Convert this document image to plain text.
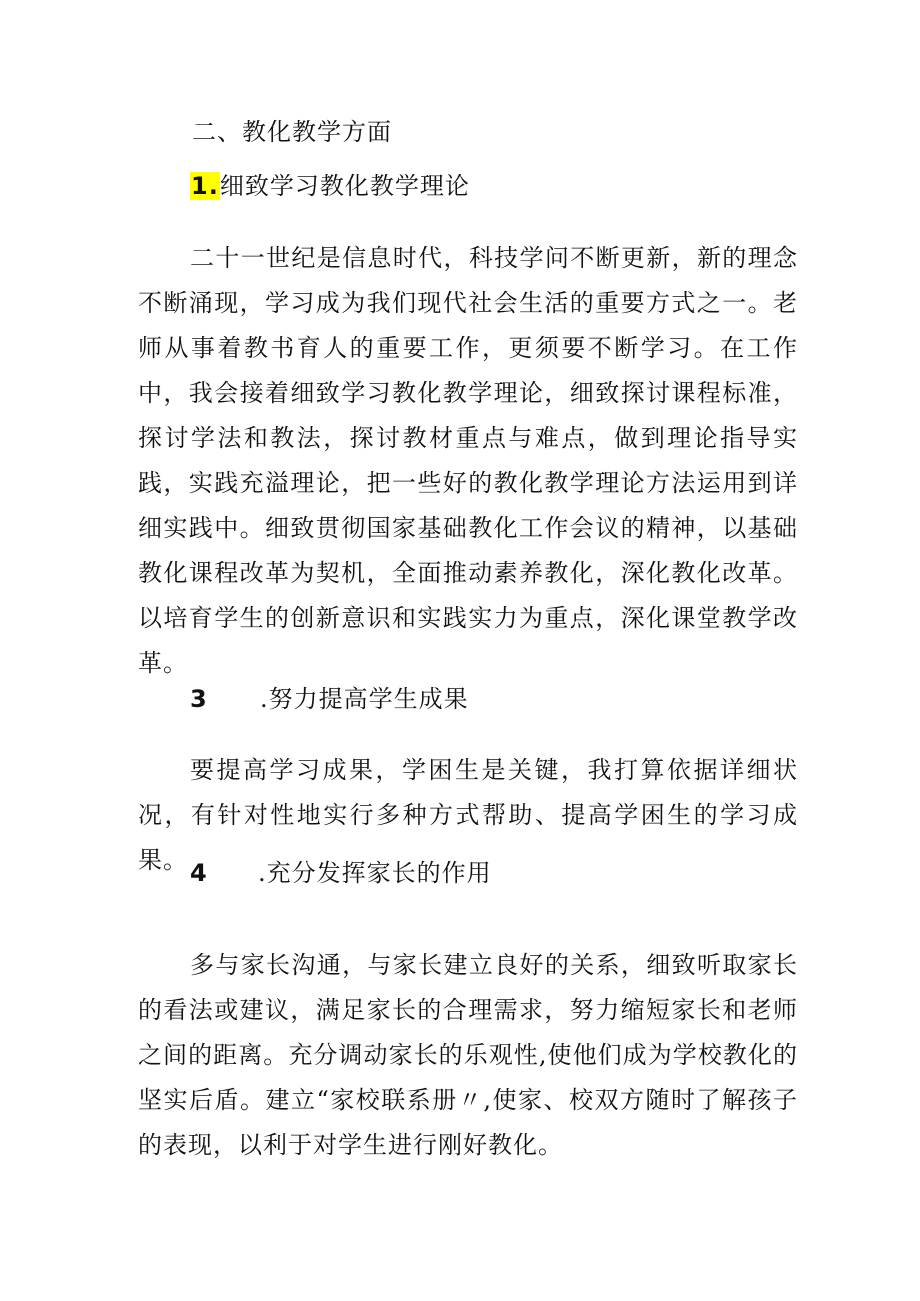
二、教化教学方面
1.细致学习教化教学理论

二十一世纪是信息时代，科技学问不断更新，新的理念不断涌现，学习成为我们现代社会生活的重要方式之一。老师从事着教书育人的重要工作，更须要不断学习。在工作中，我会接着细致学习教化教学理论，细致探讨课程标准，探讨学法和教法，探讨教材重点与难点，做到理论指导实践，实践充溢理论，把一些好的教化教学理论方法运用到详细实践中。细致贯彻国家基础教化工作会议的精神，以基础教化课程改革为契机，全面推动素养教化，深化教化改革。以培育学生的创新意识和实践实力为重点，深化课堂教学改革。

3 .努力提高学生成果

要提高学习成果，学困生是关键，我打算依据详细状况，有针对性地实行多种方式帮助、提高学困生的学习成果。 4 .充分发挥家长的作用

多与家长沟通，与家长建立良好的关系，细致听取家长的看法或建议，满足家长的合理需求，努力缩短家长和老师之间的距离。充分调动家长的乐观性,使他们成为学校教化的坚实后盾。建立“家校联系册〃,使家、校双方随时了解孩子的表现，以利于对学生进行刚好教化。
